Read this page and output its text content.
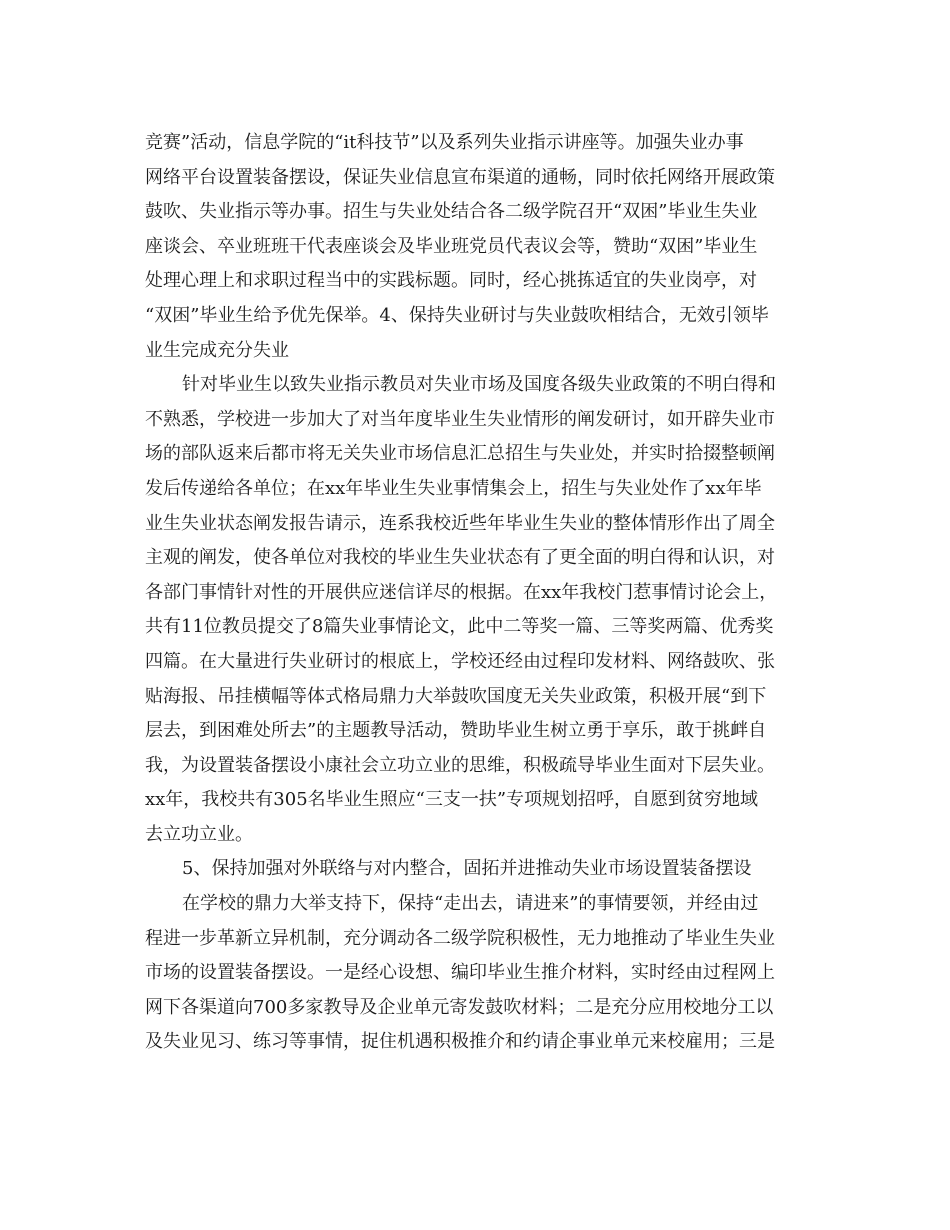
竞赛”活动，信息学院的“it科技节”以及系列失业指示讲座等。加强失业办事
网络平台设置装备摆设，保证失业信息宣布渠道的通畅，同时依托网络开展政策
鼓吹、失业指示等办事。招生与失业处结合各二级学院召开“双困”毕业生失业
座谈会、卒业班班干代表座谈会及毕业班党员代表议会等，赞助“双困”毕业生
处理心理上和求职过程当中的实践标题。同时，经心挑拣适宜的失业岗亭，对
“双困”毕业生给予优先保举。4、保持失业研讨与失业鼓吹相结合，无效引领毕
业生完成充分失业
针对毕业生以致失业指示教员对失业市场及国度各级失业政策的不明白得和
不熟悉，学校进一步加大了对当年度毕业生失业情形的阐发研讨，如开辟失业市
场的部队返来后都市将无关失业市场信息汇总招生与失业处，并实时拾掇整顿阐
发后传递给各单位；在xx年毕业生失业事情集会上，招生与失业处作了xx年毕
业生失业状态阐发报告请示，连系我校近些年毕业生失业的整体情形作出了周全
主观的阐发，使各单位对我校的毕业生失业状态有了更全面的明白得和认识，对
各部门事情针对性的开展供应迷信详尽的根据。在xx年我校门惹事情讨论会上，
共有11位教员提交了8篇失业事情论文，此中二等奖一篇、三等奖两篇、优秀奖
四篇。在大量进行失业研讨的根底上，学校还经由过程印发材料、网络鼓吹、张
贴海报、吊挂横幅等体式格局鼎力大举鼓吹国度无关失业政策，积极开展“到下
层去，到困难处所去”的主题教导活动，赞助毕业生树立勇于享乐，敢于挑衅自
我，为设置装备摆设小康社会立功立业的思维，积极疏导毕业生面对下层失业。
xx年，我校共有305名毕业生照应“三支一扶”专项规划招呼，自愿到贫穷地域
去立功立业。
5、保持加强对外联络与对内整合，固拓并进推动失业市场设置装备摆设
在学校的鼎力大举支持下，保持“走出去，请进来”的事情要领，并经由过
程进一步革新立异机制，充分调动各二级学院积极性，无力地推动了毕业生失业
市场的设置装备摆设。一是经心设想、编印毕业生推介材料，实时经由过程网上
网下各渠道向700多家教导及企业单元寄发鼓吹材料；二是充分应用校地分工以
及失业见习、练习等事情，捉住机遇积极推介和约请企事业单元来校雇用；三是
